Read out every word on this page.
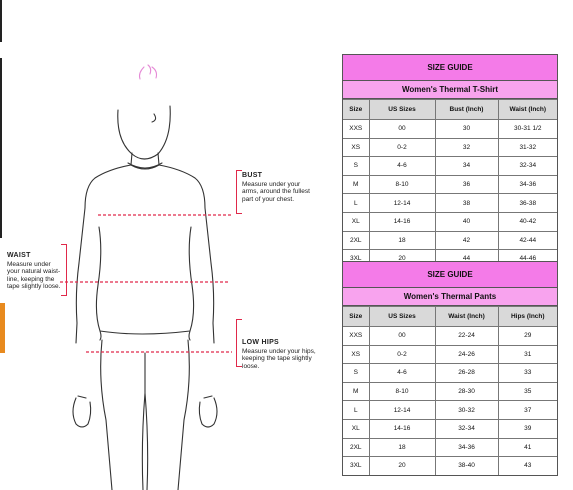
BUST
Measure under your arms, around the fullest part of your chest.
WAIST
Measure under your natural waist-line, keeping the tape slightly loose.
LOW HIPS
Measure under your hips, keeping the tape slightly loose.
SIZE GUIDE
Women's Thermal T-Shirt
Size	US Sizes	Bust (Inch)	Waist (Inch)
XXS	00	30	30-31 1/2
XS	0-2	32	31-32
S	4-6	34	32-34
M	8-10	36	34-36
L	12-14	38	36-38
XL	14-16	40	40-42
2XL	18	42	42-44
3XL	20	44	44-46
SIZE GUIDE
Women's Thermal Pants
Size	US Sizes	Waist (Inch)	Hips (Inch)
XXS	00	22-24	29
XS	0-2	24-26	31
S	4-6	26-28	33
M	8-10	28-30	35
L	12-14	30-32	37
XL	14-16	32-34	39
2XL	18	34-36	41
3XL	20	38-40	43
